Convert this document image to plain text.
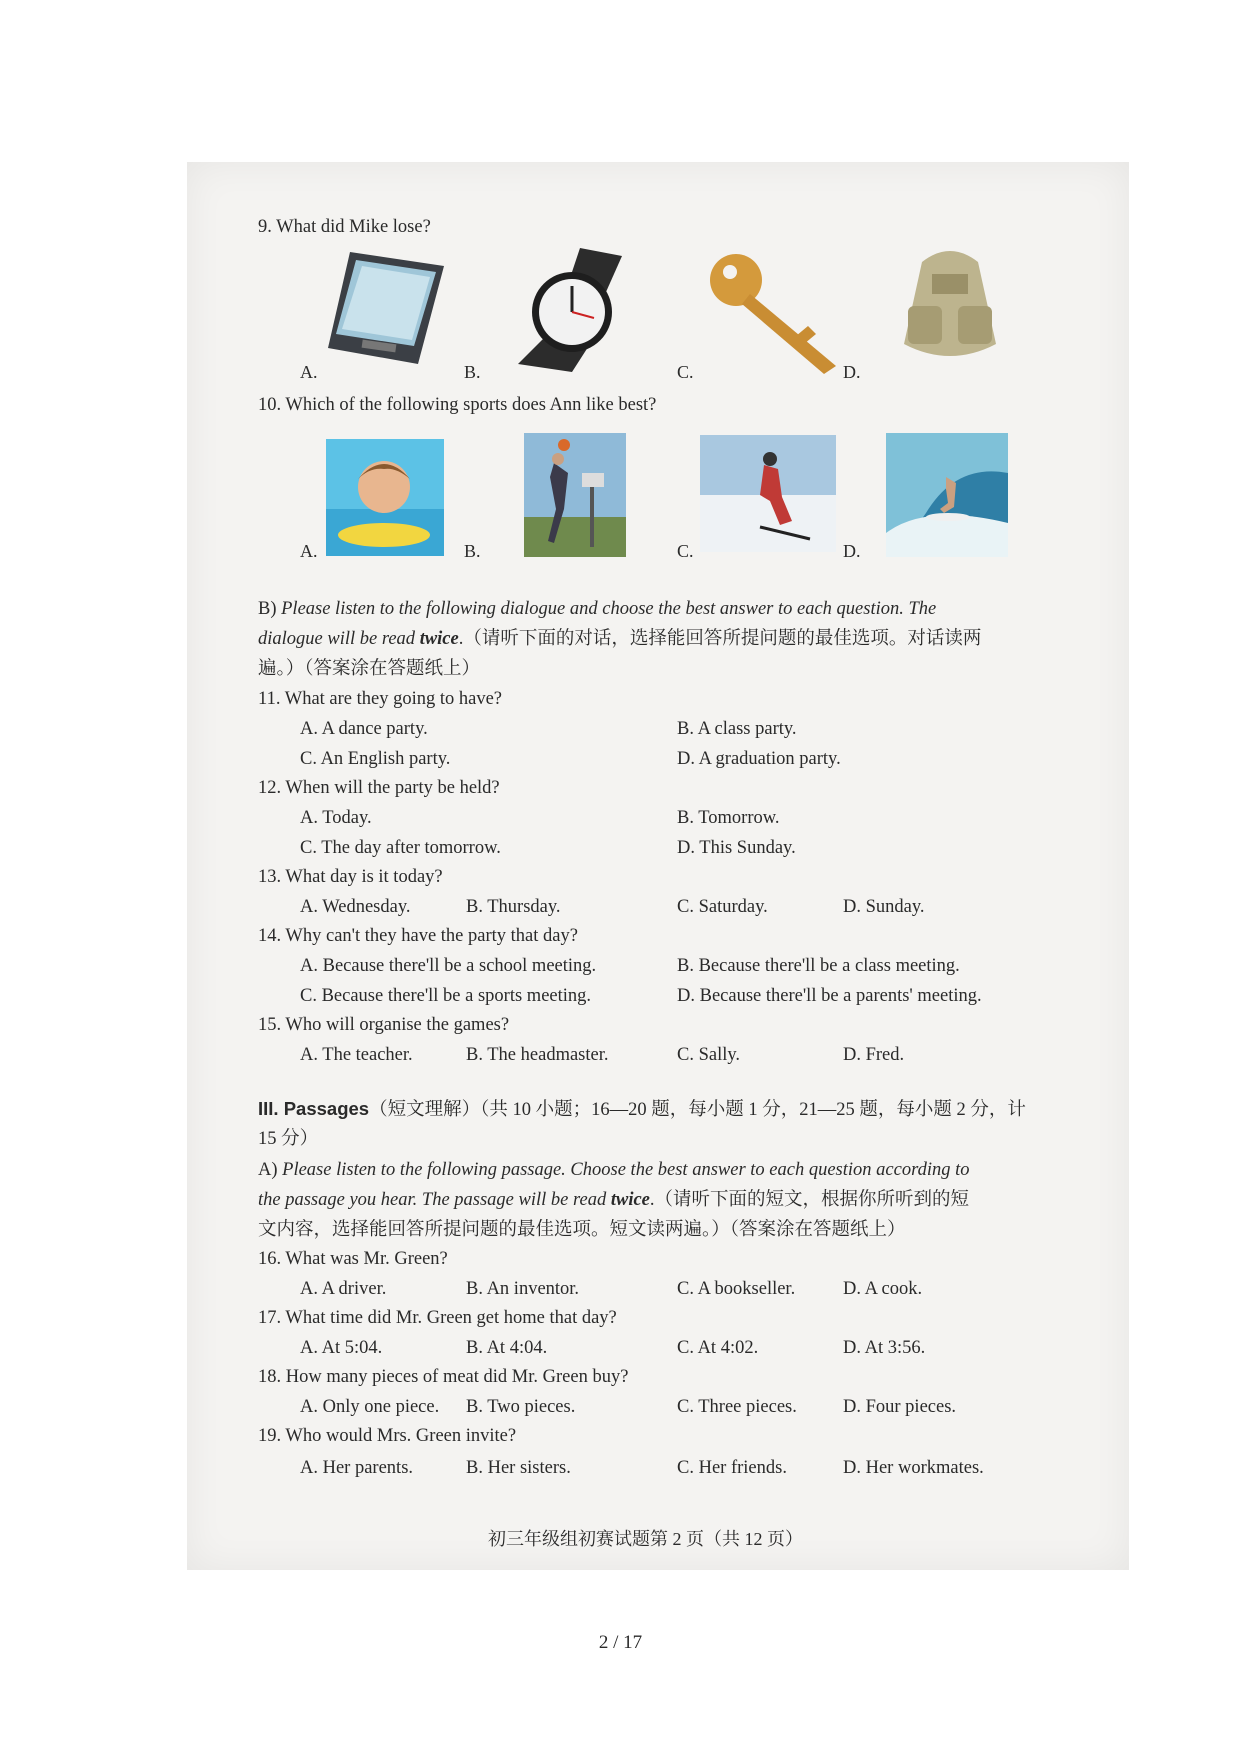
9. What did Mike lose?
A.	B.	C.	D.
10. Which of the following sports does Ann like best?
A.	B.	C.	D.
B) Please listen to the following dialogue and choose the best answer to each question. The
dialogue will be read twice.（请听下面的对话，选择能回答所提问题的最佳选项。对话读两
遍。）（答案涂在答题纸上）
11. What are they going to have?
A. A dance party.	B. A class party.
C. An English party.	D. A graduation party.
12. When will the party be held?
A. Today.	B. Tomorrow.
C. The day after tomorrow.	D. This Sunday.
13. What day is it today?
A. Wednesday.	B. Thursday.	C. Saturday.	D. Sunday.
14. Why can't they have the party that day?
A. Because there'll be a school meeting.	B. Because there'll be a class meeting.
C. Because there'll be a sports meeting.	D. Because there'll be a parents' meeting.
15. Who will organise the games?
A. The teacher.	B. The headmaster.	C. Sally.	D. Fred.
III. Passages（短文理解）（共 10 小题；16—20 题，每小题 1 分，21—25 题，每小题 2 分，计
15 分）
A) Please listen to the following passage. Choose the best answer to each question according to
the passage you hear. The passage will be read twice.（请听下面的短文，根据你所听到的短
文内容，选择能回答所提问题的最佳选项。短文读两遍。）（答案涂在答题纸上）
16. What was Mr. Green?
A. A driver.	B. An inventor.	C. A bookseller.	D. A cook.
17. What time did Mr. Green get home that day?
A. At 5:04.	B. At 4:04.	C. At 4:02.	D. At 3:56.
18. How many pieces of meat did Mr. Green buy?
A. Only one piece. B. Two pieces.	C. Three pieces. D. Four pieces.
19. Who would Mrs. Green invite?
A. Her parents.	B. Her sisters.	C. Her friends.	D. Her workmates.
初三年级组初赛试题第 2 页（共 12 页）
2 / 17
